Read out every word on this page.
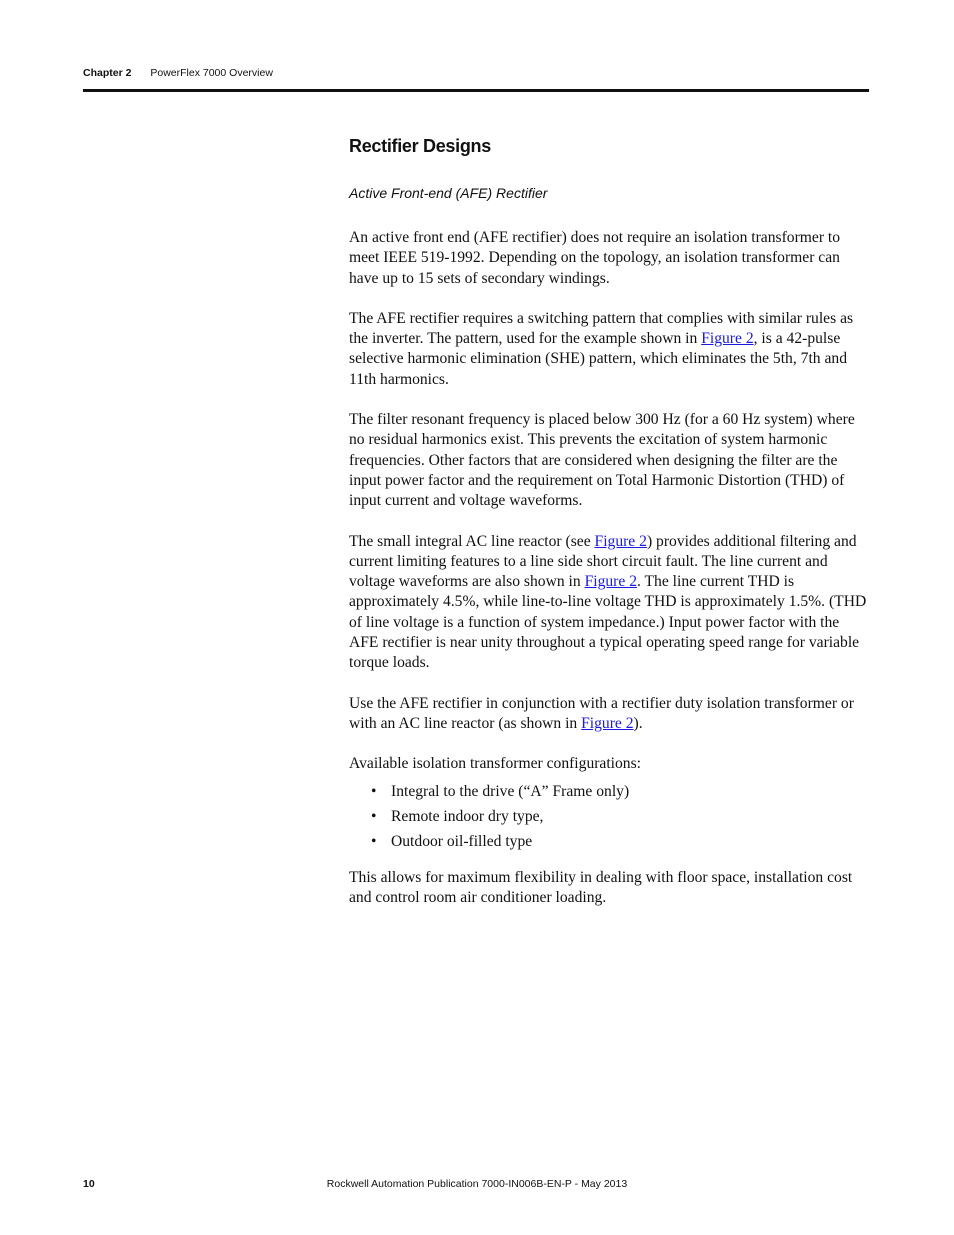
Chapter 2 PowerFlex 7000 Overview
Rectifier Designs
Active Front-end (AFE) Rectifier

An active front end (AFE rectifier) does not require an isolation transformer to meet IEEE 519-1992. Depending on the topology, an isolation transformer can have up to 15 sets of secondary windings.

The AFE rectifier requires a switching pattern that complies with similar rules as the inverter. The pattern, used for the example shown in Figure 2, is a 42-pulse selective harmonic elimination (SHE) pattern, which eliminates the 5th, 7th and 11th harmonics.

The filter resonant frequency is placed below 300 Hz (for a 60 Hz system) where no residual harmonics exist. This prevents the excitation of system harmonic frequencies. Other factors that are considered when designing the filter are the input power factor and the requirement on Total Harmonic Distortion (THD) of input current and voltage waveforms.

The small integral AC line reactor (see Figure 2) provides additional filtering and current limiting features to a line side short circuit fault. The line current and voltage waveforms are also shown in Figure 2. The line current THD is approximately 4.5%, while line-to-line voltage THD is approximately 1.5%. (THD of line voltage is a function of system impedance.) Input power factor with the AFE rectifier is near unity throughout a typical operating speed range for variable torque loads.

Use the AFE rectifier in conjunction with a rectifier duty isolation transformer or with an AC line reactor (as shown in Figure 2).

Available isolation transformer configurations:

• Integral to the drive (“A” Frame only)
• Remote indoor dry type,
• Outdoor oil-filled type

This allows for maximum flexibility in dealing with floor space, installation cost and control room air conditioner loading.

10	Rockwell Automation Publication 7000-IN006B-EN-P - May 2013
